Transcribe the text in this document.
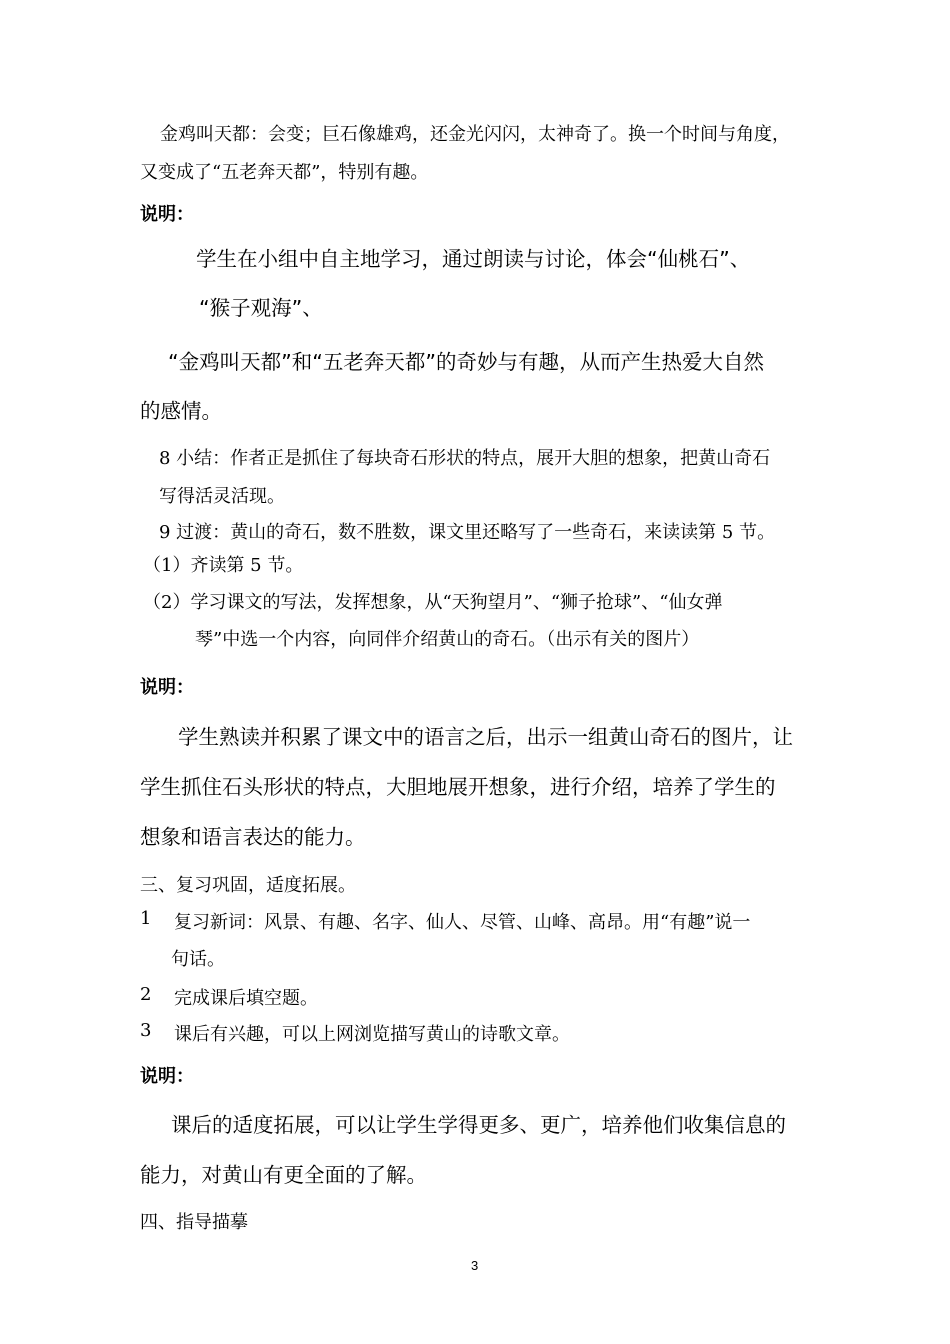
金鸡叫天都：会变；巨石像雄鸡，还金光闪闪，太神奇了。换一个时间与角度，

又变成了“五老奔天都”，特别有趣。

说明：

学生在小组中自主地学习，通过朗读与讨论，体会“仙桃石”、

“猴子观海”、

“金鸡叫天都”和“五老奔天都”的奇妙与有趣，从而产生热爱大自然

的感情。

8 小结：作者正是抓住了每块奇石形状的特点，展开大胆的想象，把黄山奇石

写得活灵活现。

9 过渡：黄山的奇石，数不胜数，课文里还略写了一些奇石，来读读第 5 节。

（1）齐读第 5 节。

（2）学习课文的写法，发挥想象，从“天狗望月”、“狮子抢球”、“仙女弹

琴”中选一个内容，向同伴介绍黄山的奇石。（出示有关的图片）

说明：

学生熟读并积累了课文中的语言之后，出示一组黄山奇石的图片，让

学生抓住石头形状的特点，大胆地展开想象，进行介绍，培养了学生的

想象和语言表达的能力。

三、复习巩固，适度拓展。

1 复习新词：风景、有趣、名字、仙人、尽管、山峰、高昂。用“有趣”说一

句话。

2 完成课后填空题。

3 课后有兴趣，可以上网浏览描写黄山的诗歌文章。

说明：

课后的适度拓展，可以让学生学得更多、更广，培养他们收集信息的

能力，对黄山有更全面的了解。

四、指导描摹

3
